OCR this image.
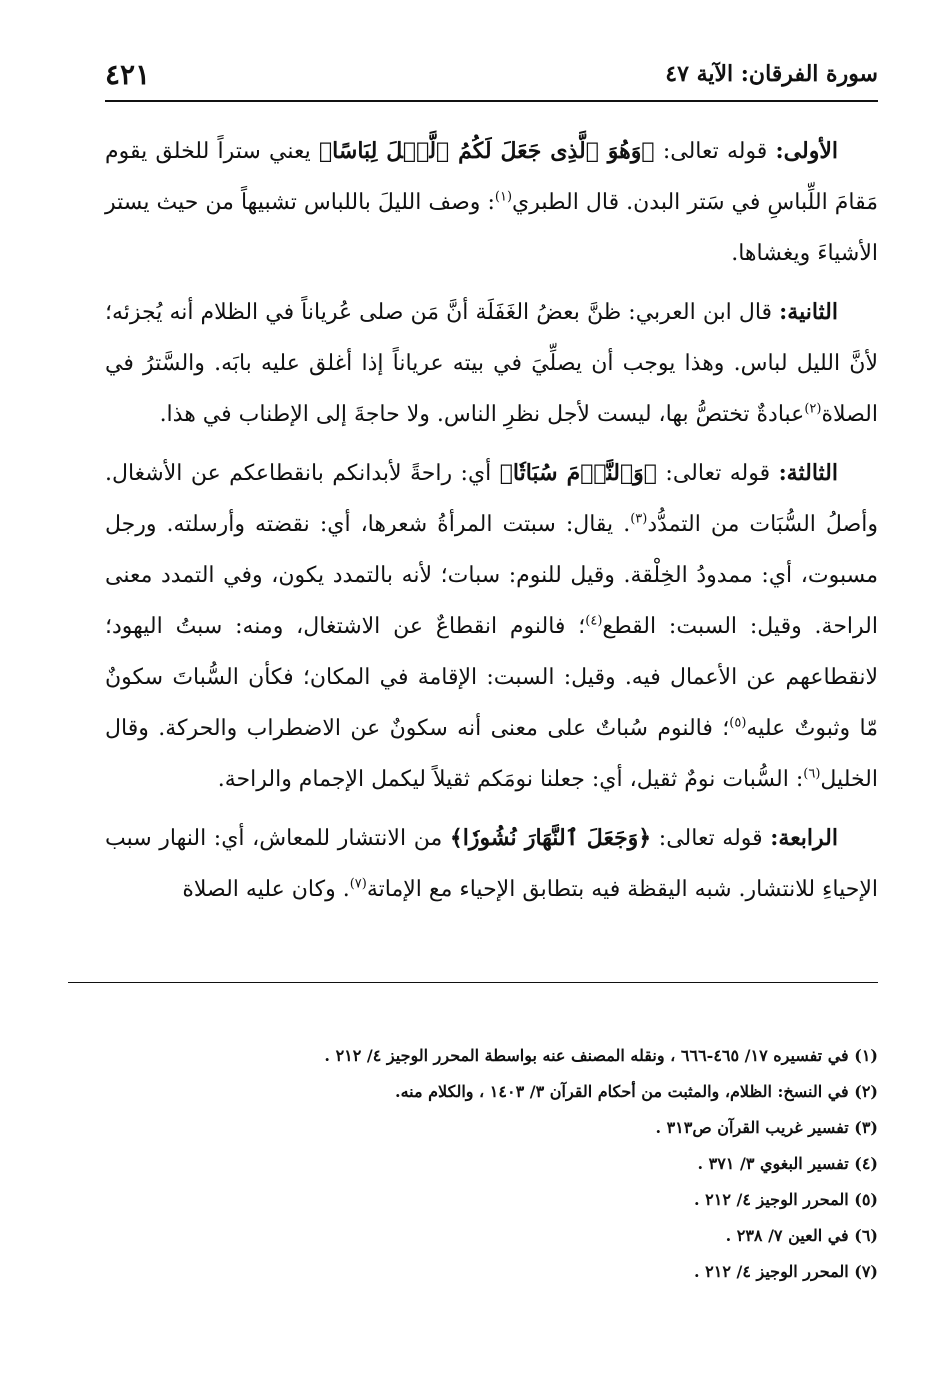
سورة الفرقان: الآية ٤٧
٤٢١

الأولى: قوله تعالى: ﴿وَهُوَ ٱلَّذِى جَعَلَ لَكُمُ ٱلَّيۡلَ لِبَاسًا﴾ يعني ستراً للخلق يقوم مَقامَ اللِّباسِ في سَتر البدن. قال الطبري$^{(١)}$: وصف الليلَ باللباس تشبيهاً من حيث يستر الأشياءَ ويغشاها.

الثانية: قال ابن العربي: ظنَّ بعضُ الغَفَلَة أنَّ مَن صلى عُرياناً في الظلام أنه يُجزئه؛ لأنَّ الليل لباس. وهذا يوجب أن يصلِّيَ في بيته عرياناً إذا أغلق عليه بابَه. والسَّترُ في الصلاة$^{(٢)}$عبادةٌ تختصُّ بها، ليست لأجل نظرِ الناس. ولا حاجةَ إلى الإطناب في هذا.

الثالثة: قوله تعالى: ﴿وَٱلنَّوۡمَ سُبَاتٗا﴾ أي: راحةً لأبدانكم بانقطاعكم عن الأشغال. وأصلُ السُّبَات من التمدُّد$^{(٣)}$. يقال: سبتت المرأةُ شعرها، أي: نقضته وأرسلته. ورجل مسبوت، أي: ممدودُ الخِلْقة. وقيل للنوم: سبات؛ لأنه بالتمدد يكون، وفي التمدد معنى الراحة. وقيل: السبت: القطع$^{(٤)}$؛ فالنوم انقطاعٌ عن الاشتغال، ومنه: سبتُ اليهود؛ لانقطاعهم عن الأعمال فيه. وقيل: السبت: الإقامة في المكان؛ فكأن السُّباتَ سكونٌ مّا وثبوتٌ عليه$^{(٥)}$؛ فالنوم سُباتٌ على معنى أنه سكونٌ عن الاضطراب والحركة. وقال الخليل$^{(٦)}$: السُّبات نومٌ ثقيل، أي: جعلنا نومَكم ثقيلاً ليكمل الإجمام والراحة.

الرابعة: قوله تعالى: ﴿وَجَعَلَ ٱلنَّهَارَ نُشُورٗا﴾ من الانتشار للمعاش، أي: النهار سبب الإحياءِ للانتشار. شبه اليقظة فيه بتطابق الإحياء مع الإماتة$^{(٧)}$. وكان عليه الصلاة

(١) في تفسيره ١٧/ ٤٦٥-٦٦٦ ، ونقله المصنف عنه بواسطة المحرر الوجيز ٤/ ٢١٢ .
(٢) في النسخ: الظلام، والمثبت من أحكام القرآن ٣/ ١٤٠٣ ، والكلام منه.
(٣) تفسير غريب القرآن ص٣١٣ .
(٤) تفسير البغوي ٣/ ٣٧١ .
(٥) المحرر الوجيز ٤/ ٢١٢ .
(٦) في العين ٧/ ٢٣٨ .
(٧) المحرر الوجيز ٤/ ٢١٢ .
